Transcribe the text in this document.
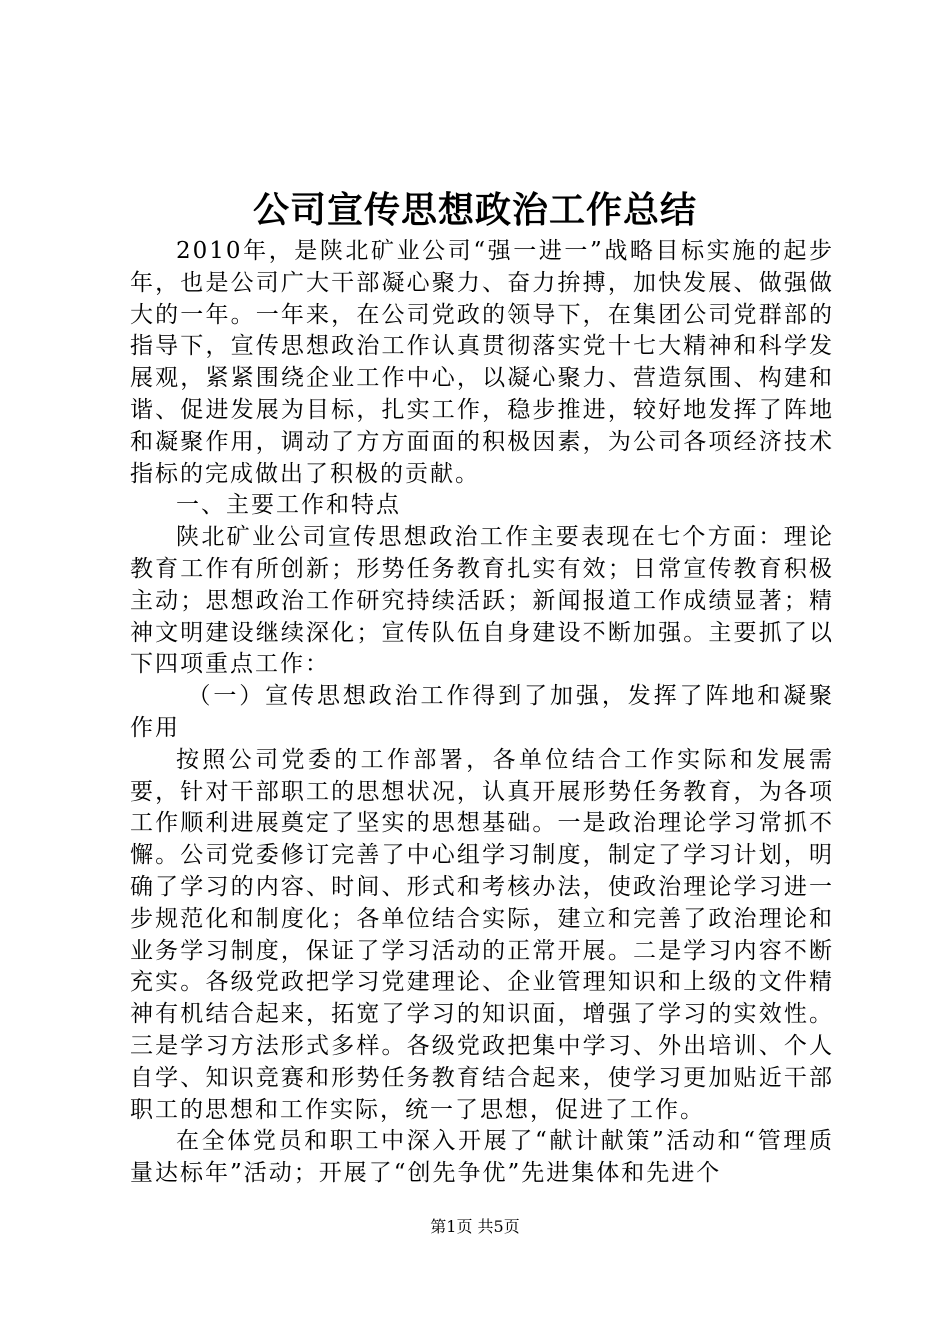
公司宣传思想政治工作总结

2010年，是陕北矿业公司“强一进一”战略目标实施的起步年，也是公司广大干部凝心聚力、奋力拚搏，加快发展、做强做大的一年。一年来，在公司党政的领导下，在集团公司党群部的指导下，宣传思想政治工作认真贯彻落实党十七大精神和科学发展观，紧紧围绕企业工作中心，以凝心聚力、营造氛围、构建和谐、促进发展为目标，扎实工作，稳步推进，较好地发挥了阵地和凝聚作用，调动了方方面面的积极因素，为公司各项经济技术指标的完成做出了积极的贡献。

一、主要工作和特点

陕北矿业公司宣传思想政治工作主要表现在七个方面：理论教育工作有所创新；形势任务教育扎实有效；日常宣传教育积极主动；思想政治工作研究持续活跃；新闻报道工作成绩显著；精神文明建设继续深化；宣传队伍自身建设不断加强。主要抓了以下四项重点工作：

（一）宣传思想政治工作得到了加强，发挥了阵地和凝聚作用

按照公司党委的工作部署，各单位结合工作实际和发展需要，针对干部职工的思想状况，认真开展形势任务教育，为各项工作顺利进展奠定了坚实的思想基础。一是政治理论学习常抓不懈。公司党委修订完善了中心组学习制度，制定了学习计划，明确了学习的内容、时间、形式和考核办法，使政治理论学习进一步规范化和制度化；各单位结合实际，建立和完善了政治理论和业务学习制度，保证了学习活动的正常开展。二是学习内容不断充实。各级党政把学习党建理论、企业管理知识和上级的文件精神有机结合起来，拓宽了学习的知识面，增强了学习的实效性。三是学习方法形式多样。各级党政把集中学习、外出培训、个人自学、知识竞赛和形势任务教育结合起来，使学习更加贴近干部职工的思想和工作实际，统一了思想，促进了工作。

在全体党员和职工中深入开展了“献计献策”活动和“管理质量达标年”活动；开展了“创先争优”先进集体和先进个

第1页 共5页
